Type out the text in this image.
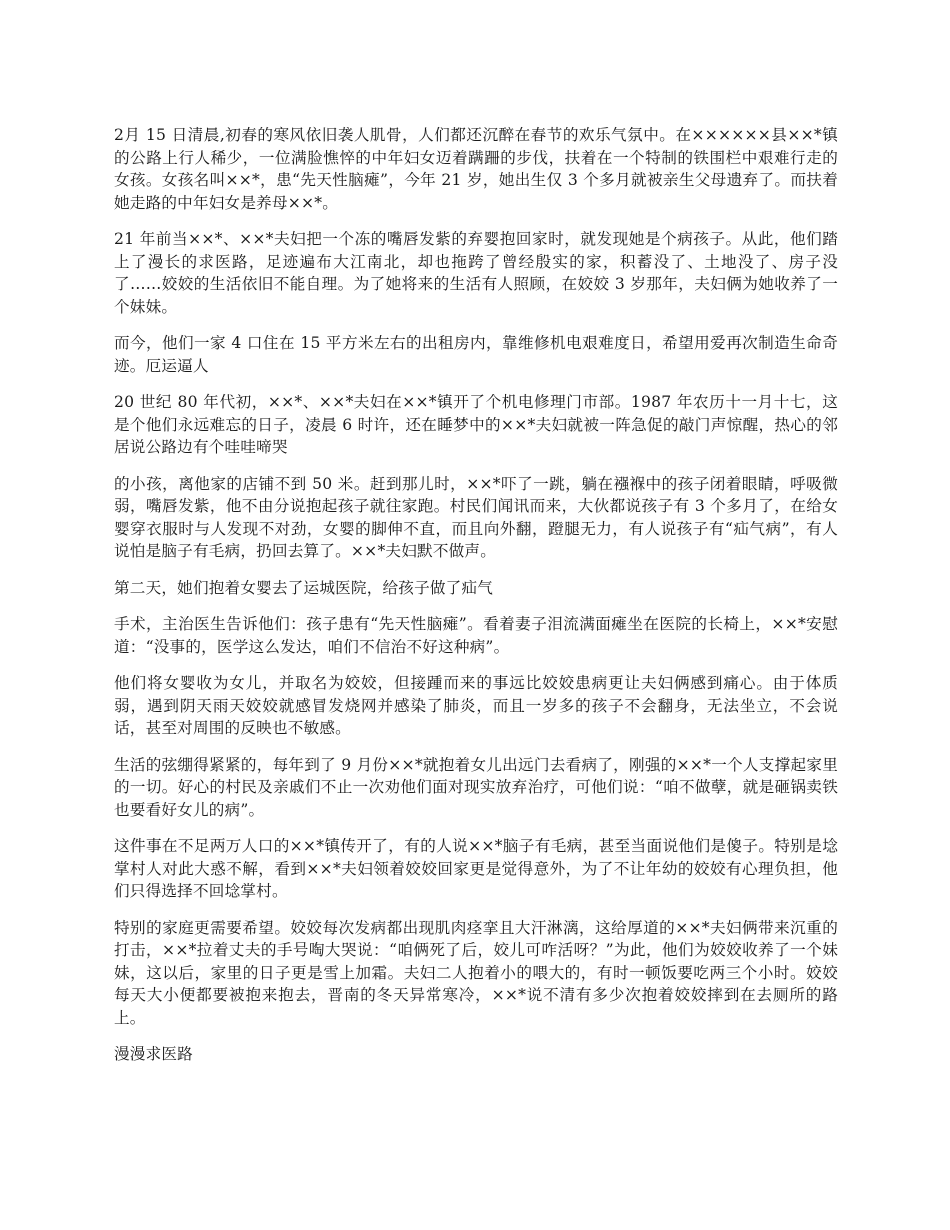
2月 15 日清晨,初春的寒风依旧袭人肌骨，人们都还沉醉在春节的欢乐气氛中。在××××××县××*镇的公路上行人稀少，一位满脸憔悴的中年妇女迈着蹒跚的步伐，扶着在一个特制的铁围栏中艰难行走的女孩。女孩名叫××*，患“先天性脑瘫”，今年 21 岁，她出生仅 3 个多月就被亲生父母遗弃了。而扶着她走路的中年妇女是养母××*。

21 年前当××*、××*夫妇把一个冻的嘴唇发紫的弃婴抱回家时，就发现她是个病孩子。从此，他们踏上了漫长的求医路，足迹遍布大江南北，却也拖跨了曾经殷实的家，积蓄没了、土地没了、房子没了……姣姣的生活依旧不能自理。为了她将来的生活有人照顾，在姣姣 3 岁那年，夫妇俩为她收养了一个妹妹。

而今，他们一家 4 口住在 15 平方米左右的出租房内，靠维修机电艰难度日，希望用爱再次制造生命奇迹。厄运逼人

20 世纪 80 年代初，××*、××*夫妇在××*镇开了个机电修理门市部。1987 年农历十一月十七，这是个他们永远难忘的日子，凌晨 6 时许，还在睡梦中的××*夫妇就被一阵急促的敲门声惊醒，热心的邻居说公路边有个哇哇啼哭

的小孩，离他家的店铺不到 50 米。赶到那儿时，××*吓了一跳，躺在襁褓中的孩子闭着眼睛，呼吸微弱，嘴唇发紫，他不由分说抱起孩子就往家跑。村民们闻讯而来，大伙都说孩子有 3 个多月了，在给女婴穿衣服时与人发现不对劲，女婴的脚伸不直，而且向外翻，蹬腿无力，有人说孩子有“疝气病”，有人说怕是脑子有毛病，扔回去算了。××*夫妇默不做声。

第二天，她们抱着女婴去了运城医院，给孩子做了疝气

手术，主治医生告诉他们：孩子患有“先天性脑瘫”。看着妻子泪流满面瘫坐在医院的长椅上，××*安慰道：“没事的，医学这么发达，咱们不信治不好这种病”。

他们将女婴收为女儿，并取名为姣姣，但接踵而来的事远比姣姣患病更让夫妇俩感到痛心。由于体质弱，遇到阴天雨天姣姣就感冒发烧网并感染了肺炎，而且一岁多的孩子不会翻身，无法坐立，不会说话，甚至对周围的反映也不敏感。

生活的弦绷得紧紧的，每年到了 9 月份××*就抱着女儿出远门去看病了，刚强的××*一个人支撑起家里的一切。好心的村民及亲戚们不止一次劝他们面对现实放弃治疗，可他们说：“咱不做孽，就是砸锅卖铁也要看好女儿的病”。

这件事在不足两万人口的××*镇传开了，有的人说××*脑子有毛病，甚至当面说他们是傻子。特别是埝掌村人对此大惑不解，看到××*夫妇领着姣姣回家更是觉得意外，为了不让年幼的姣姣有心理负担，他们只得选择不回埝掌村。

特别的家庭更需要希望。姣姣每次发病都出现肌肉痉挛且大汗淋漓，这给厚道的××*夫妇俩带来沉重的打击，××*拉着丈夫的手号啕大哭说：“咱俩死了后，姣儿可咋活呀？”为此，他们为姣姣收养了一个妹妹，这以后，家里的日子更是雪上加霜。夫妇二人抱着小的喂大的，有时一顿饭要吃两三个小时。姣姣每天大小便都要被抱来抱去，晋南的冬天异常寒冷，××*说不清有多少次抱着姣姣摔到在去厕所的路上。

漫漫求医路
